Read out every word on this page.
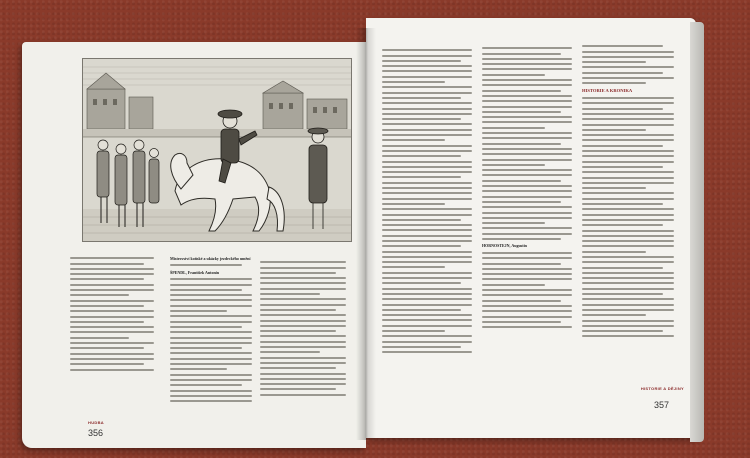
Mistrovství koňské a ukázky jezdeckého umění
ŠPENDL, František Antonín
HUDBA
356
HORNOSTEJN, Augustin
HISTORIE A KRONIKA
HISTORIE A DĚJINY
357
